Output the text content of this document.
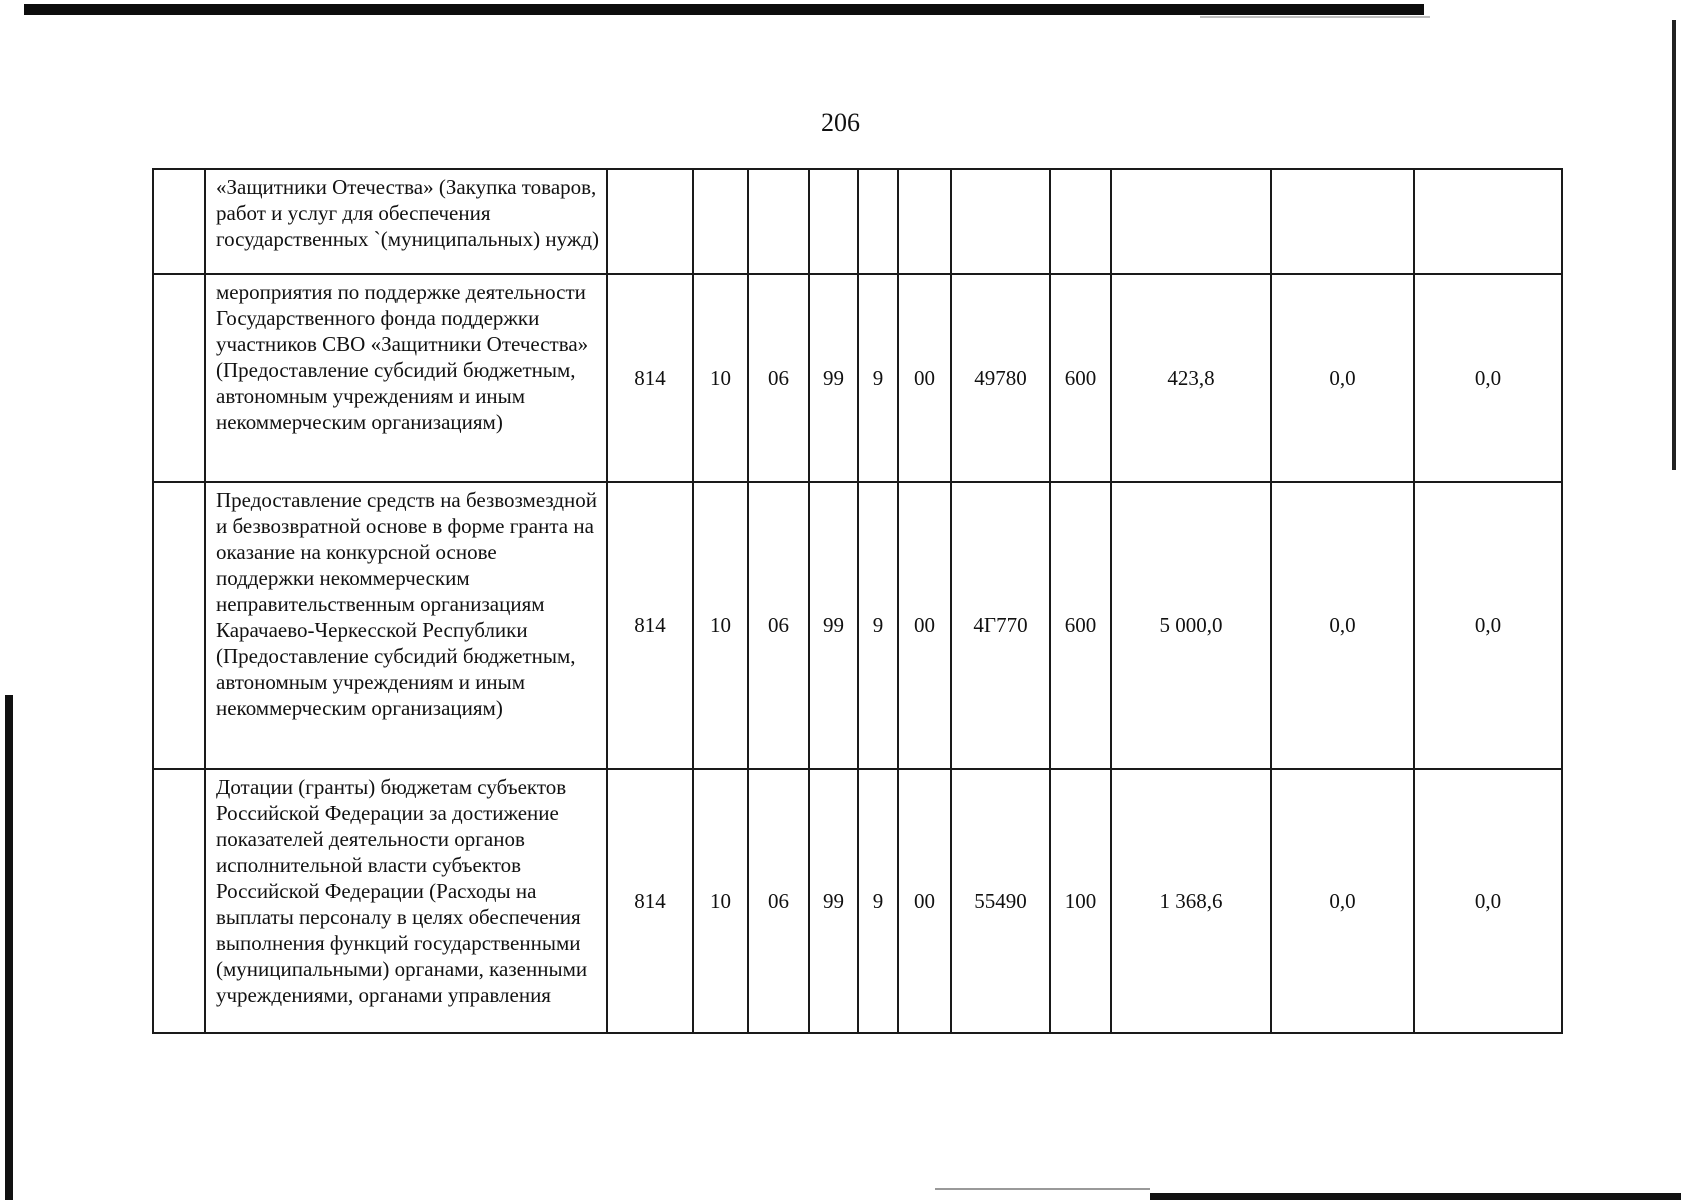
206
	«Защитники Отечества» (Закупка товаров, работ и услуг для обеспечения государственных `(муниципальных) нужд)											
	мероприятия по поддержке деятельности Государственного фонда поддержки участников СВО «Защитники Отечества» (Предоставление субсидий бюджетным, автономным учреждениям и иным некоммерческим организациям)	814	10	06	99	9	00	49780	600	423,8	0,0	0,0
	Предоставление средств на безвозмездной и безвозвратной основе в форме гранта на оказание на конкурсной основе поддержки некоммерческим неправительственным организациям Карачаево-Черкесской Республики (Предоставление субсидий бюджетным, автономным учреждениям и иным некоммерческим организациям)	814	10	06	99	9	00	4Г770	600	5 000,0	0,0	0,0
	Дотации (гранты) бюджетам субъектов Российской Федерации за достижение показателей деятельности органов исполнительной власти субъектов Российской Федерации (Расходы на выплаты персоналу в целях обеспечения выполнения функций государственными (муниципальными) органами, казенными учреждениями, органами управления	814	10	06	99	9	00	55490	100	1 368,6	0,0	0,0
